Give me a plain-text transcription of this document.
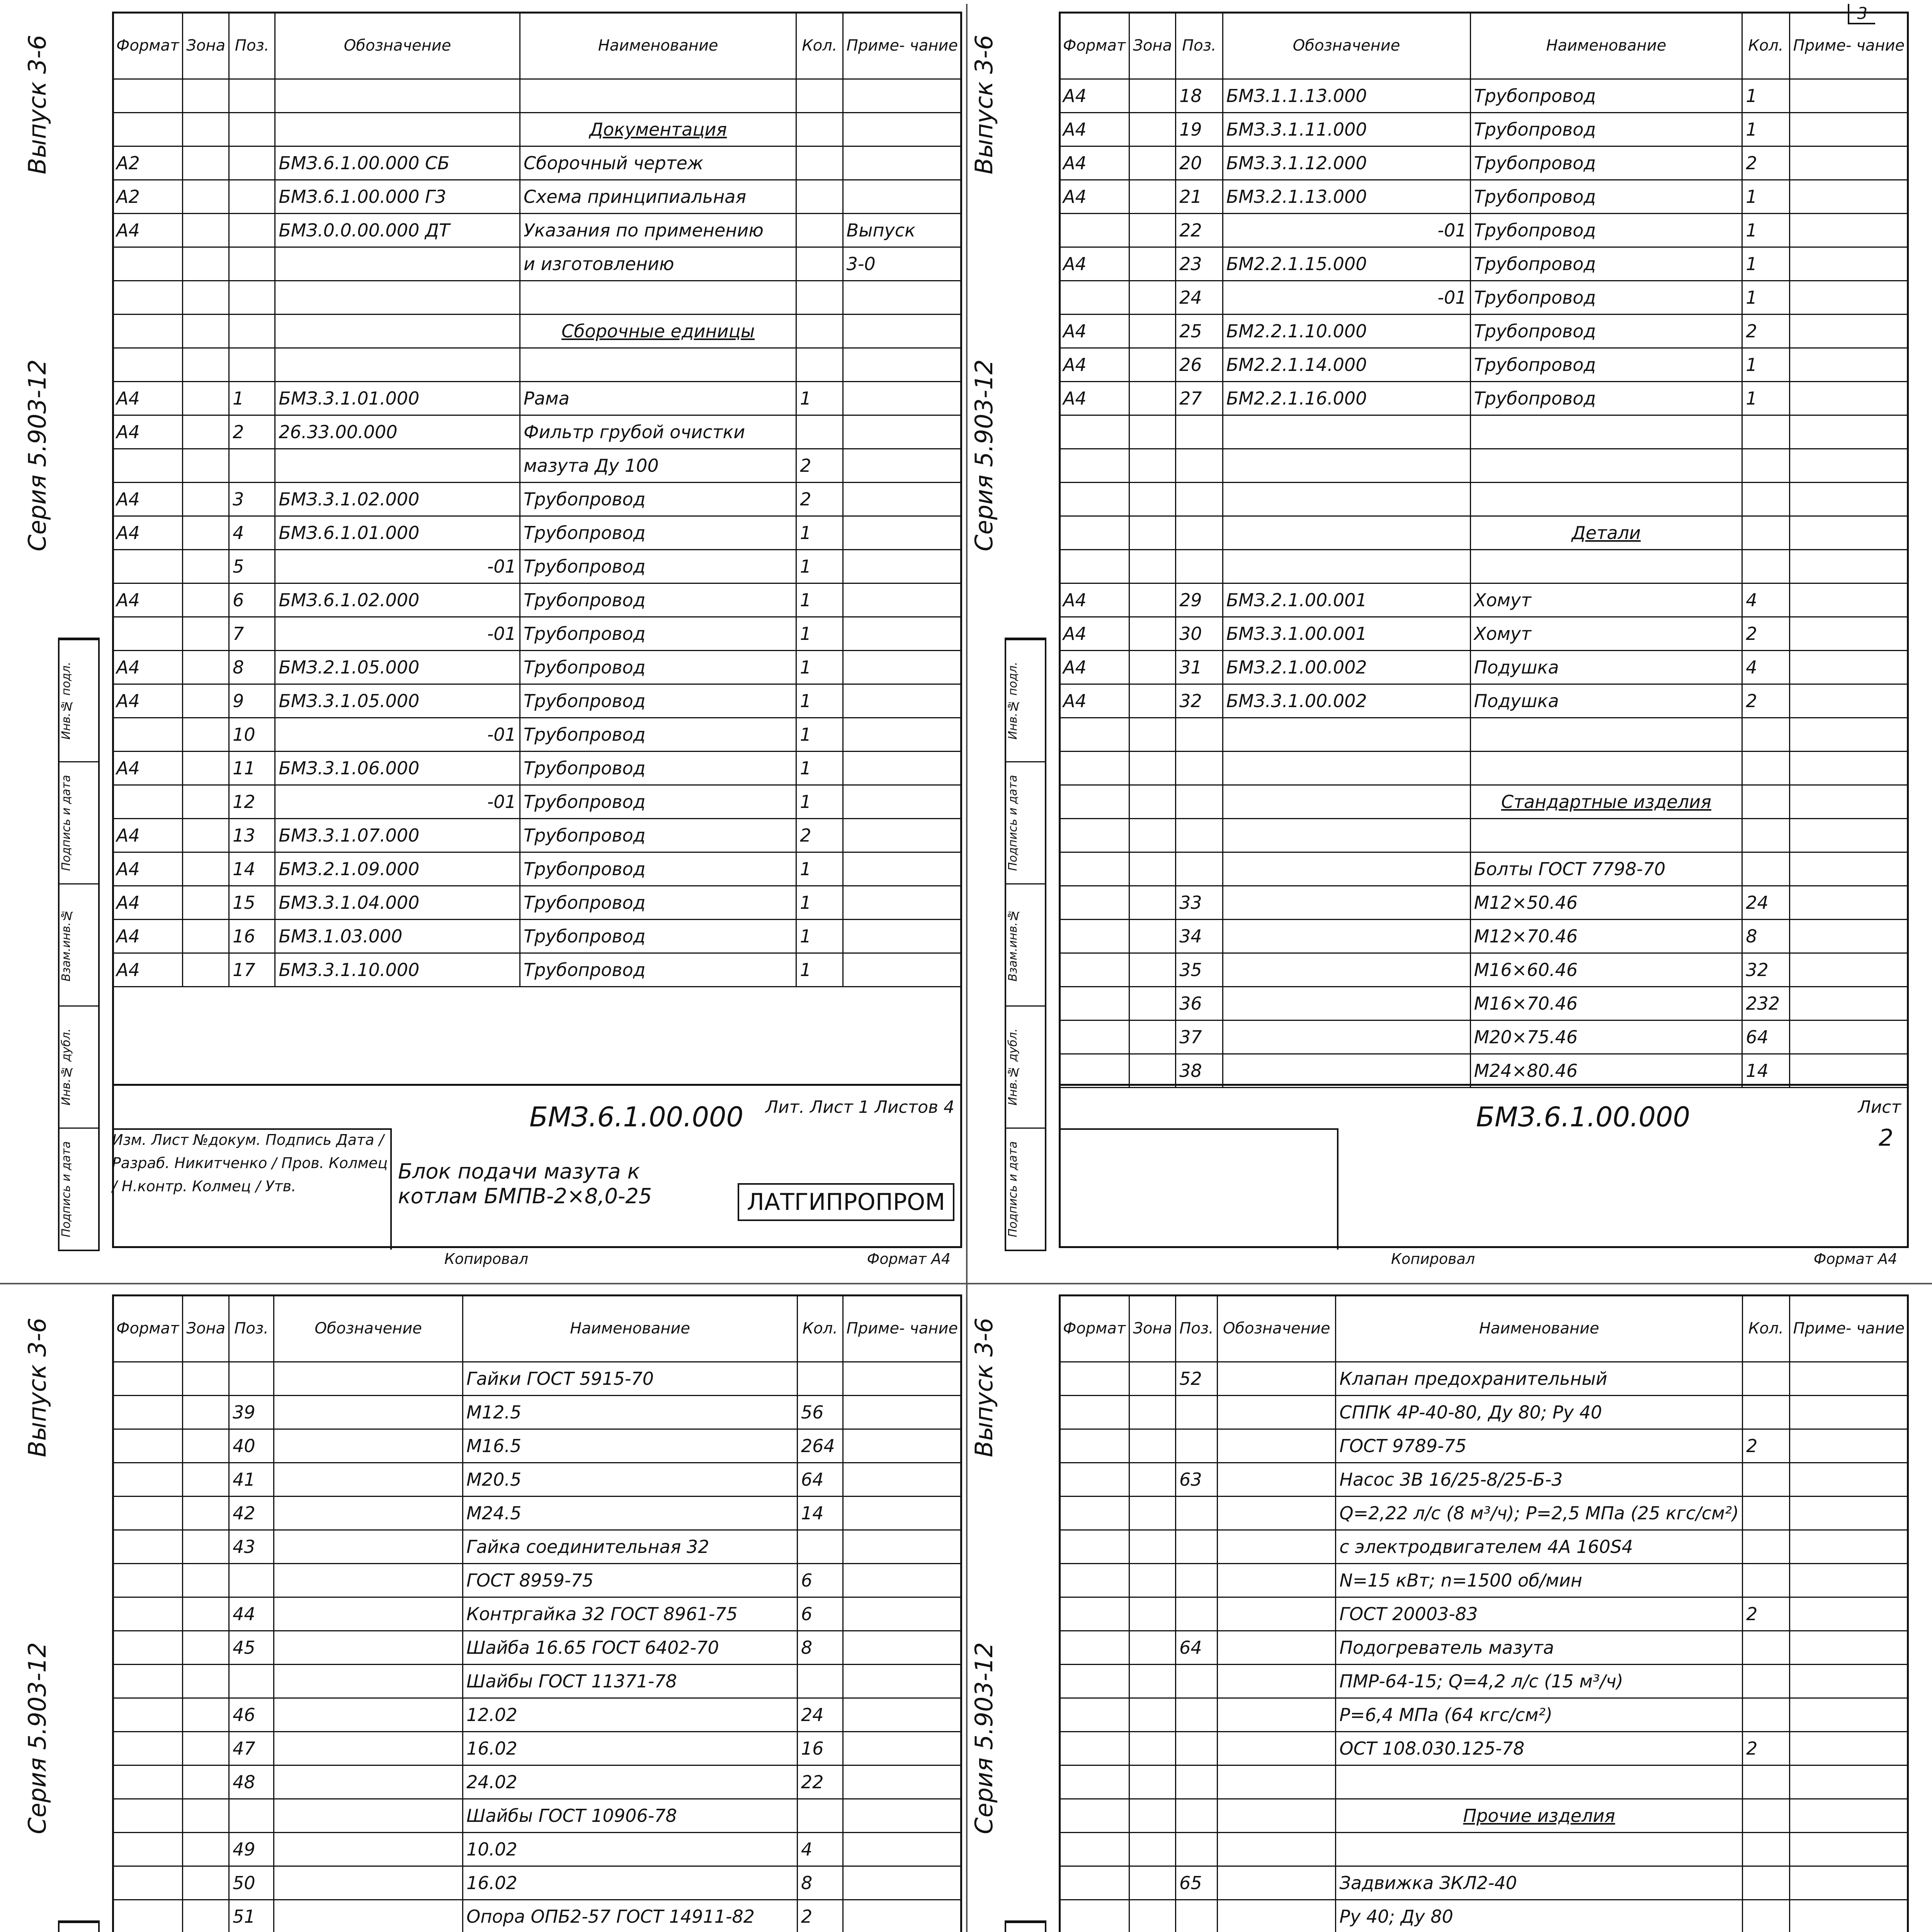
3
Выпуск 3-6
Серия 5.903-12
Инв.№ подл.
Подпись и дата
Взам.инв.№
Инв.№ дубл.
Подпись и дата
Формат	Зона	Поз.	Обозначение	Наименование	Кол.	Приме- чание

				Документация		
А2			БМЗ.6.1.00.000 СБ	Сборочный чертеж		
А2			БМЗ.6.1.00.000 Г3	Схема принципиальная		
А4			БМЗ.0.0.00.000 ДТ	Указания по применению		Выпуск
				и изготовлению		3-0

				Сборочные единицы		

А4		1	БМЗ.3.1.01.000	Рама	1	
А4		2	26.33.00.000	Фильтр грубой очистки		
				мазута Ду 100	2	
А4		3	БМЗ.3.1.02.000	Трубопровод	2	
А4		4	БМЗ.6.1.01.000	Трубопровод	1	
		5	-01	Трубопровод	1	
А4		6	БМЗ.6.1.02.000	Трубопровод	1	
		7	-01	Трубопровод	1	
А4		8	БМЗ.2.1.05.000	Трубопровод	1	
А4		9	БМЗ.3.1.05.000	Трубопровод	1	
		10	-01	Трубопровод	1	
А4		11	БМЗ.3.1.06.000	Трубопровод	1	
		12	-01	Трубопровод	1	
А4		13	БМЗ.3.1.07.000	Трубопровод	2	
А4		14	БМЗ.2.1.09.000	Трубопровод	1	
А4		15	БМЗ.3.1.04.000	Трубопровод	1	
А4		16	БМЗ.1.03.000	Трубопровод	1	
А4		17	БМЗ.3.1.10.000	Трубопровод	1	
БМЗ.6.1.00.000
Блок подачи мазута к котлам БМПВ-2×8,0-25	ЛАТГИПРОПРОМ
Изм. Лист №докум. Подпись Дата / Разраб. Никитченко / Пров. Колмец / Н.контр. Колмец / Утв.
Лит. Лист 1 Листов 4
Копировал	Формат А4
Выпуск 3-6
Серия 5.903-12
Инв.№ подл.
Подпись и дата
Взам.инв.№
Инв.№ дубл.
Подпись и дата
Формат	Зона	Поз.	Обозначение	Наименование	Кол.	Приме- чание
А4		18	БМЗ.1.1.13.000	Трубопровод	1	
А4		19	БМЗ.3.1.11.000	Трубопровод	1	
А4		20	БМЗ.3.1.12.000	Трубопровод	2	
А4		21	БМЗ.2.1.13.000	Трубопровод	1	
		22	-01	Трубопровод	1	
А4		23	БМ2.2.1.15.000	Трубопровод	1	
		24	-01	Трубопровод	1	
А4		25	БМ2.2.1.10.000	Трубопровод	2	
А4		26	БМ2.2.1.14.000	Трубопровод	1	
А4		27	БМ2.2.1.16.000	Трубопровод	1	

				Детали		

А4		29	БМЗ.2.1.00.001	Хомут	4	
А4		30	БМЗ.3.1.00.001	Хомут	2	
А4		31	БМЗ.2.1.00.002	Подушка	4	
А4		32	БМЗ.3.1.00.002	Подушка	2	

				Стандартные изделия		

				Болты ГОСТ 7798-70		
		33		М12×50.46	24	
		34		М12×70.46	8	
		35		М16×60.46	32	
		36		М16×70.46	232	
		37		М20×75.46	64	
		38		М24×80.46	14	
БМЗ.6.1.00.000	Лист
2
Копировал	Формат А4
Выпуск 3-6
Серия 5.903-12
Формат	Зона	Поз.	Обозначение	Наименование	Кол.	Приме- чание
				Гайки ГОСТ 5915-70		
		39		М12.5	56	
		40		М16.5	264	
		41		М20.5	64	
		42		М24.5	14	
		43		Гайка соединительная 32		
				ГОСТ 8959-75	6	
		44		Контргайка 32 ГОСТ 8961-75	6	
		45		Шайба 16.65 ГОСТ 6402-70	8	
				Шайбы ГОСТ 11371-78		
		46		12.02	24	
		47		16.02	16	
		48		24.02	22	
				Шайбы ГОСТ 10906-78		
		49		10.02	4	
		50		16.02	8	
		51		Опора ОПБ2-57 ГОСТ 14911-82	2	

Выпуск 3-6
Серия 5.903-12
Формат	Зона	Поз.	Обозначение	Наименование	Кол.	Приме- чание
		52		Клапан предохранительный		
				СППК 4Р-40-80, Ду 80; Ру 40		
				ГОСТ 9789-75	2	
		63		Насос 3В 16/25-8/25-Б-3		
				Q=2,22 л/с (8 м³/ч); Р=2,5 МПа (25 кгс/см²)		
				с электродвигателем 4А 160S4		
				N=15 кВт; n=1500 об/мин		
				ГОСТ 20003-83	2	
		64		Подогреватель мазута		
				ПМР-64-15; Q=4,2 л/с (15 м³/ч)		
				Р=6,4 МПа (64 кгс/см²)		
				ОСТ 108.030.125-78	2	

				Прочие изделия		

		65		Задвижка ЗКЛ2-40		
				Ру 40; Ду 80		
